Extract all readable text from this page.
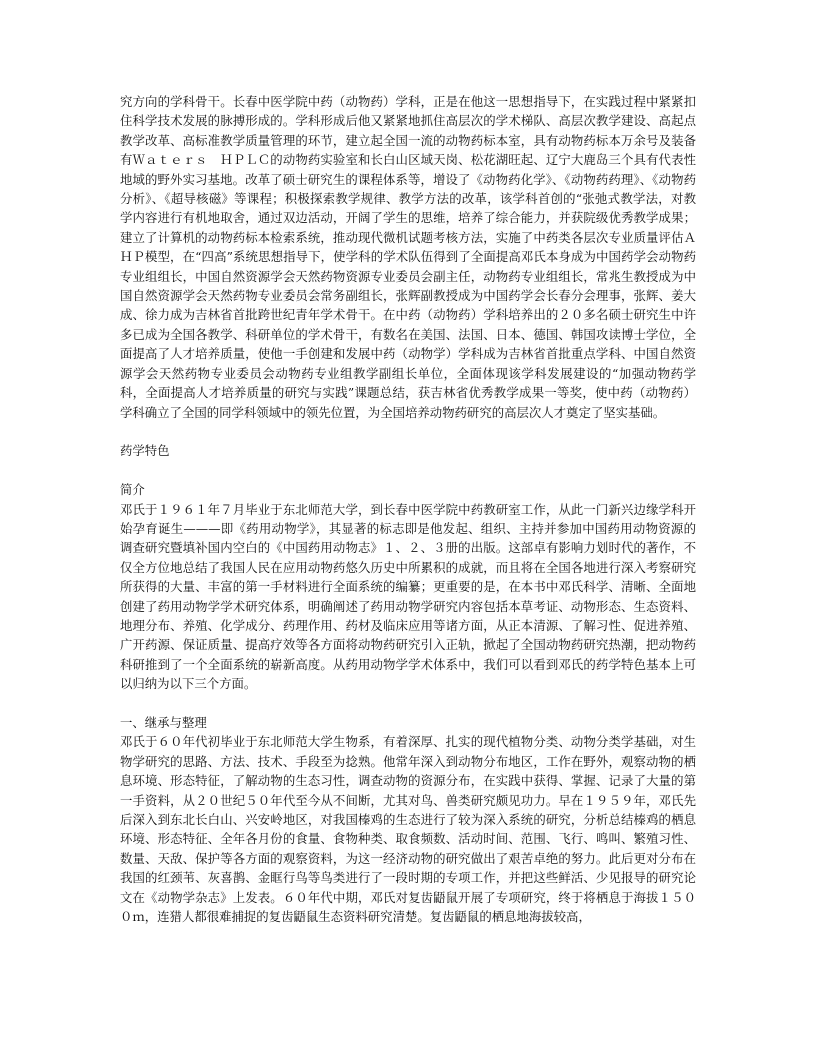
究方向的学科骨干。长春中医学院中药（动物药）学科，正是在他这一思想指导下，在实践过程中紧紧扣住科学技术发展的脉搏形成的。学科形成后他又紧紧地抓住高层次的学术梯队、高层次教学建设、高起点教学改革、高标准教学质量管理的环节，建立起全国一流的动物药标本室，具有动物药标本万余号及装备有Ｗａｔｅｒｓ　ＨＰＬＣ的动物药实验室和长白山区域天岗、松花湖旺起、辽宁大鹿岛三个具有代表性地域的野外实习基地。改革了硕士研究生的课程体系等，增设了《动物药化学》、《动物药药理》、《动物药分析》、《超导核磁》等课程；积极探索教学规律、教学方法的改革，该学科首创的“张弛式教学法，对教学内容进行有机地取舍，通过双边活动，开阔了学生的思维，培养了综合能力，并获院级优秀教学成果；建立了计算机的动物药标本检索系统，推动现代微机试题考核方法，实施了中药类各层次专业质量评估ＡＨＰ模型，在“四高”系统思想指导下，使学科的学术队伍得到了全面提高邓氏本身成为中国药学会动物药专业组组长，中国自然资源学会天然药物资源专业委员会副主任，动物药专业组组长，常兆生教授成为中国自然资源学会天然药物专业委员会常务副组长，张辉副教授成为中国药学会长春分会理事，张辉、姜大成、徐力成为吉林省首批跨世纪青年学术骨干。在中药（动物药）学科培养出的２０多名硕士研究生中许多已成为全国各教学、科研单位的学术骨干，有数名在美国、法国、日本、德国、韩国攻读博士学位，全面提高了人才培养质量，使他一手创建和发展中药（动物学）学科成为吉林省首批重点学科、中国自然资源学会天然药物专业委员会动物药专业组教学副组长单位，全面体现该学科发展建设的“加强动物药学科，全面提高人才培养质量的研究与实践”课题总结，获吉林省优秀教学成果一等奖，使中药（动物药）学科确立了全国的同学科领域中的领先位置，为全国培养动物药研究的高层次人才奠定了坚实基础。

药学特色

简介

邓氏于１９６１年７月毕业于东北师范大学，到长春中医学院中药教研室工作，从此一门新兴边缘学科开始孕育诞生———即《药用动物学》，其显著的标志即是他发起、组织、主持并参加中国药用动物资源的调查研究暨填补国内空白的《中国药用动物志》１、２、３册的出版。这部卓有影响力划时代的著作，不仅全方位地总结了我国人民在应用动物药悠久历史中所累积的成就，而且将在全国各地进行深入考察研究所获得的大量、丰富的第一手材料进行全面系统的编纂；更重要的是，在本书中邓氏科学、清晰、全面地创建了药用动物学学术研究体系，明确阐述了药用动物学研究内容包括本草考证、动物形态、生态资料、地理分布、养殖、化学成分、药理作用、药材及临床应用等诸方面，从正本清源、了解习性、促进养殖、广开药源、保证质量、提高疗效等各方面将动物药研究引入正轨，掀起了全国动物药研究热潮，把动物药科研推到了一个全面系统的崭新高度。从药用动物学学术体系中，我们可以看到邓氏的药学特色基本上可以归纳为以下三个方面。

一、继承与整理

邓氏于６０年代初毕业于东北师范大学生物系，有着深厚、扎实的现代植物分类、动物分类学基础，对生物学研究的思路、方法、技术、手段至为捻熟。他常年深入到动物分布地区，工作在野外，观察动物的栖息环境、形态特征，了解动物的生态习性，调查动物的资源分布，在实践中获得、掌握、记录了大量的第一手资料，从２０世纪５０年代至今从不间断，尤其对鸟、兽类研究颇见功力。早在１９５９年，邓氏先后深入到东北长白山、兴安岭地区，对我国榛鸡的生态进行了较为深入系统的研究，分析总结榛鸡的栖息环境、形态特征、全年各月份的食量、食物种类、取食频数、活动时间、范围、飞行、鸣叫、繁殖习性、数量、天敌、保护等各方面的观察资料，为这一经济动物的研究做出了艰苦卓绝的努力。此后更对分布在我国的红颈苇、灰喜鹊、金眶行鸟等鸟类进行了一段时期的专项工作，并把这些鲜活、少见报导的研究论文在《动物学杂志》上发表。６０年代中期，邓氏对复齿鼯鼠开展了专项研究，终于将栖息于海拔１５００ｍ，连猎人都很难捕捉的复齿鼯鼠生态资料研究清楚。复齿鼯鼠的栖息地海拔较高，
